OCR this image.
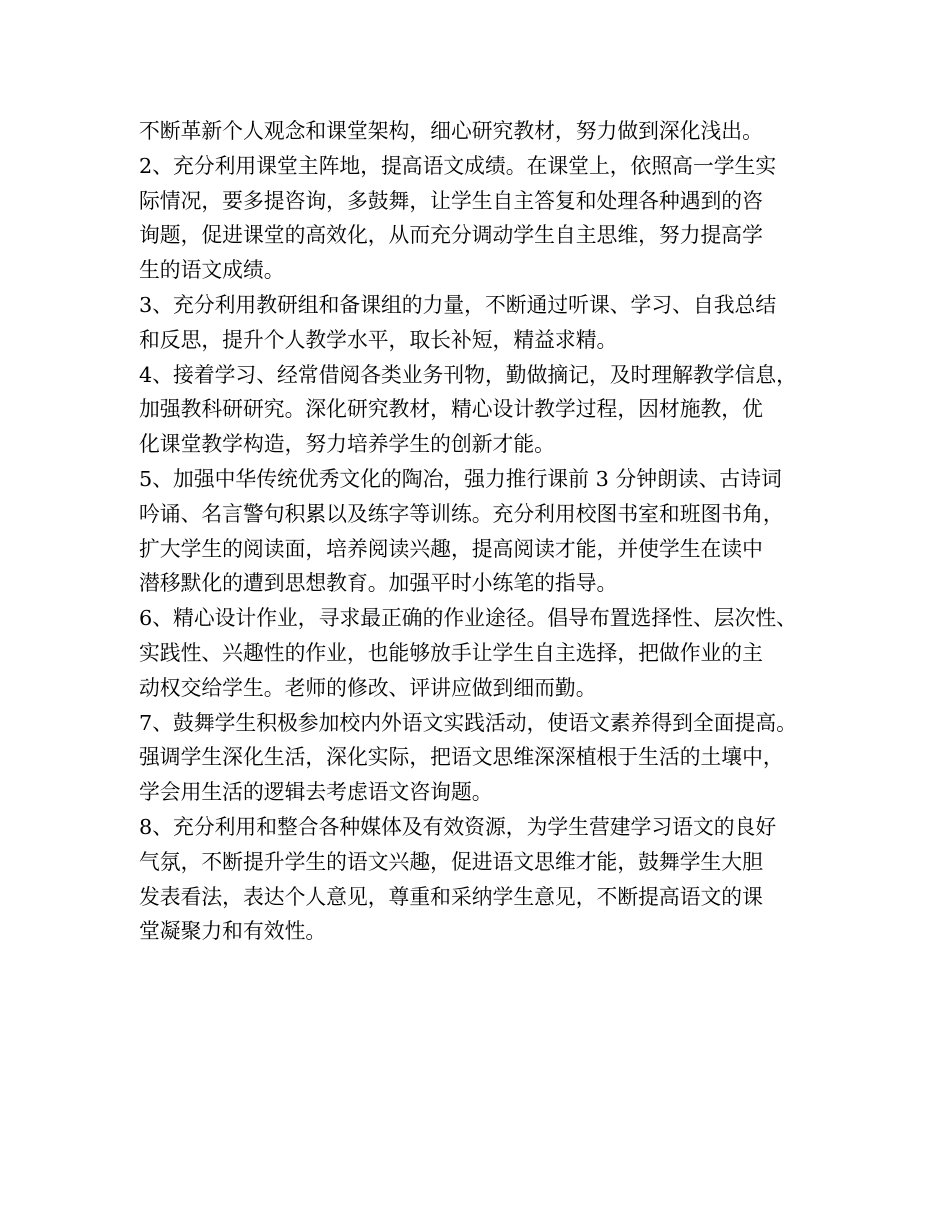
不断革新个人观念和课堂架构，细心研究教材，努力做到深化浅出。
2、充分利用课堂主阵地，提高语文成绩。在课堂上，依照高一学生实
际情况，要多提咨询，多鼓舞，让学生自主答复和处理各种遇到的咨
询题，促进课堂的高效化，从而充分调动学生自主思维，努力提高学
生的语文成绩。
3、充分利用教研组和备课组的力量，不断通过听课、学习、自我总结
和反思，提升个人教学水平，取长补短，精益求精。
4、接着学习、经常借阅各类业务刊物，勤做摘记，及时理解教学信息，
加强教科研研究。深化研究教材，精心设计教学过程，因材施教，优
化课堂教学构造，努力培养学生的创新才能。
5、加强中华传统优秀文化的陶冶，强力推行课前 3 分钟朗读、古诗词
吟诵、名言警句积累以及练字等训练。充分利用校图书室和班图书角，
扩大学生的阅读面，培养阅读兴趣，提高阅读才能，并使学生在读中
潜移默化的遭到思想教育。加强平时小练笔的指导。
6、精心设计作业，寻求最正确的作业途径。倡导布置选择性、层次性、
实践性、兴趣性的作业，也能够放手让学生自主选择，把做作业的主
动权交给学生。老师的修改、评讲应做到细而勤。
7、鼓舞学生积极参加校内外语文实践活动，使语文素养得到全面提高。
强调学生深化生活，深化实际，把语文思维深深植根于生活的土壤中，
学会用生活的逻辑去考虑语文咨询题。
8、充分利用和整合各种媒体及有效资源，为学生营建学习语文的良好
气氛，不断提升学生的语文兴趣，促进语文思维才能，鼓舞学生大胆
发表看法，表达个人意见，尊重和采纳学生意见，不断提高语文的课
堂凝聚力和有效性。
